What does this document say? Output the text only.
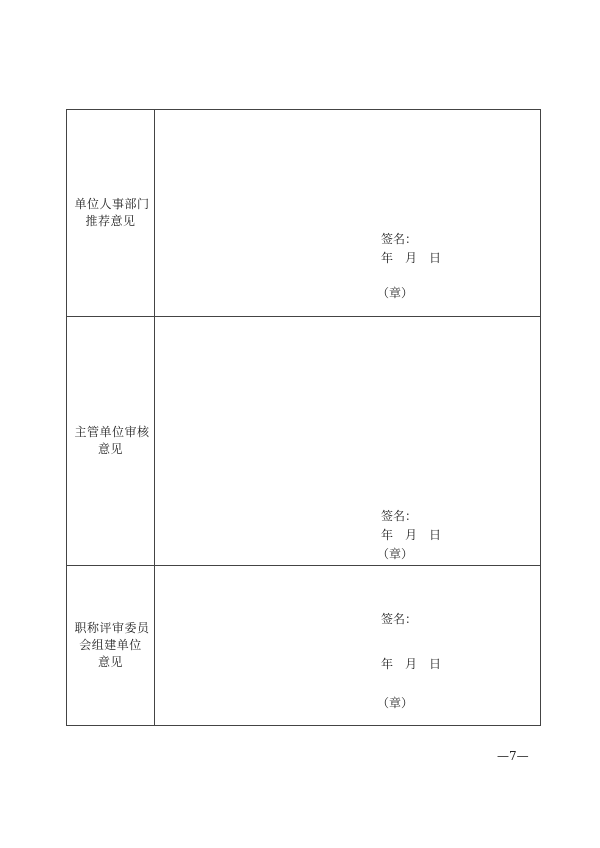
单位人事部门
推荐意见
签名：
年 月 日
（章）
主管单位审核
意见
签名：
年 月 日
（章）
职称评审委员
会组建单位
意见
签名：
年 月 日
（章）
—7—
